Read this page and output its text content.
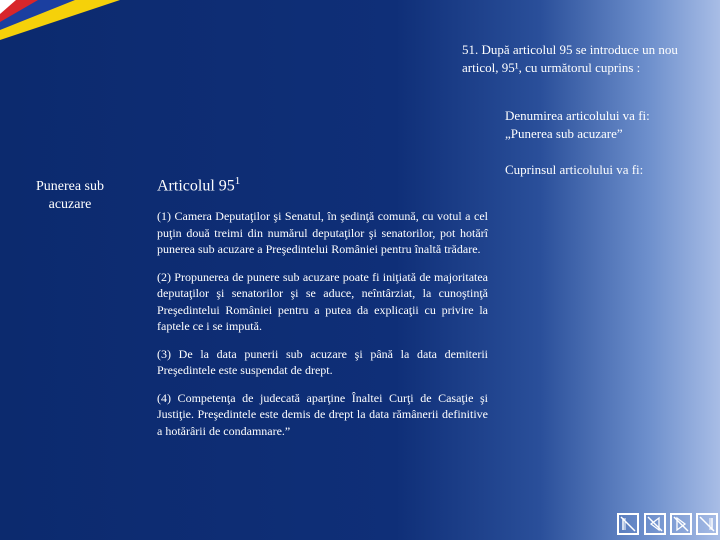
51. După articolul 95 se introduce un nou
articol, 95¹, cu următorul cuprins :
Denumirea articolului va fi:
„Punerea sub acuzare”
Cuprinsul articolului va fi:
Punerea sub
acuzare
Articolul $95^1$

(1) Camera Deputaţilor şi Senatul, în şedinţă comună, cu votul a cel puţin două treimi din numărul deputaţilor şi senatorilor, pot hotărî punerea sub acuzare a Preşedintelui României pentru înaltă trădare.

(2) Propunerea de punere sub acuzare poate fi iniţiată de majoritatea deputaţilor şi senatorilor şi se aduce, neîntârziat, la cunoştinţă Preşedintelui României pentru a putea da explicaţii cu privire la faptele ce i se impută.

(3) De la data punerii sub acuzare şi până la data demiterii Preşedintele este suspendat de drept.

(4) Competenţa de judecată aparţine Înaltei Curţi de Casaţie şi Justiţie. Preşedintele este demis de drept la data rămânerii definitive a hotărârii de condamnare.”
